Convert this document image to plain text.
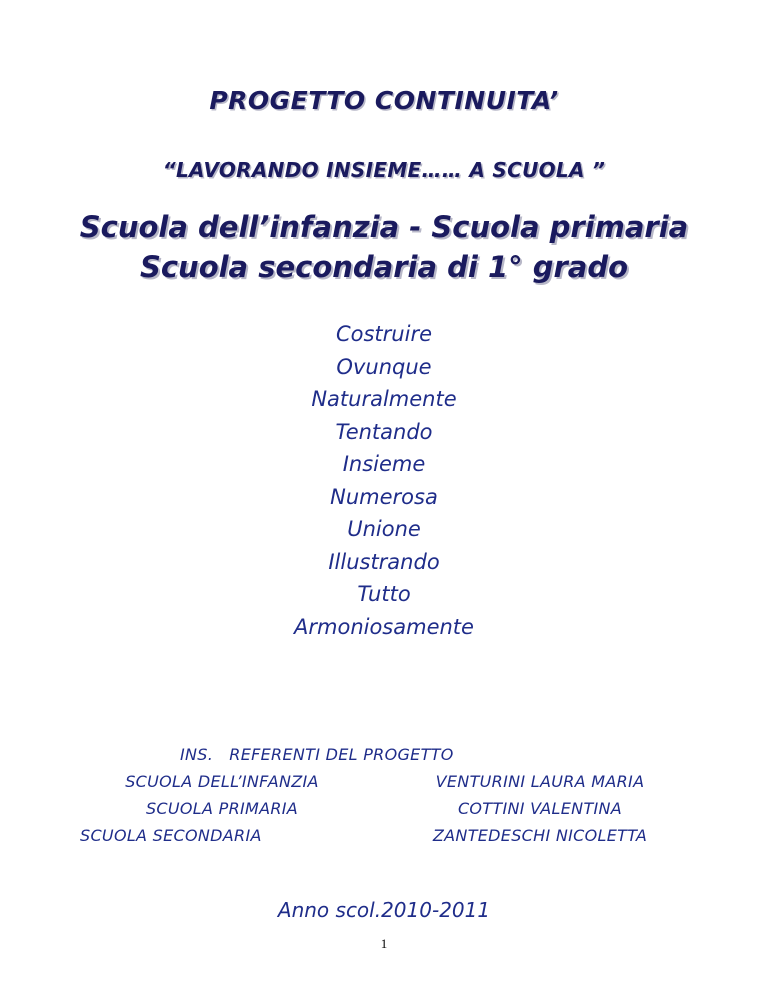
PROGETTO CONTINUITA’
“LAVORANDO INSIEME…… A SCUOLA ”
Scuola dell’infanzia - Scuola primaria
Scuola secondaria di 1° grado
Costruire
Ovunque
Naturalmente
Tentando
Insieme
Numerosa
Unione
Illustrando
Tutto
Armoniosamente
INS.   REFERENTI DEL PROGETTO
SCUOLA DELL’INFANZIA	VENTURINI LAURA MARIA
SCUOLA PRIMARIA	COTTINI VALENTINA
SCUOLA SECONDARIA	ZANTEDESCHI NICOLETTA
Anno scol.2010-2011
1
